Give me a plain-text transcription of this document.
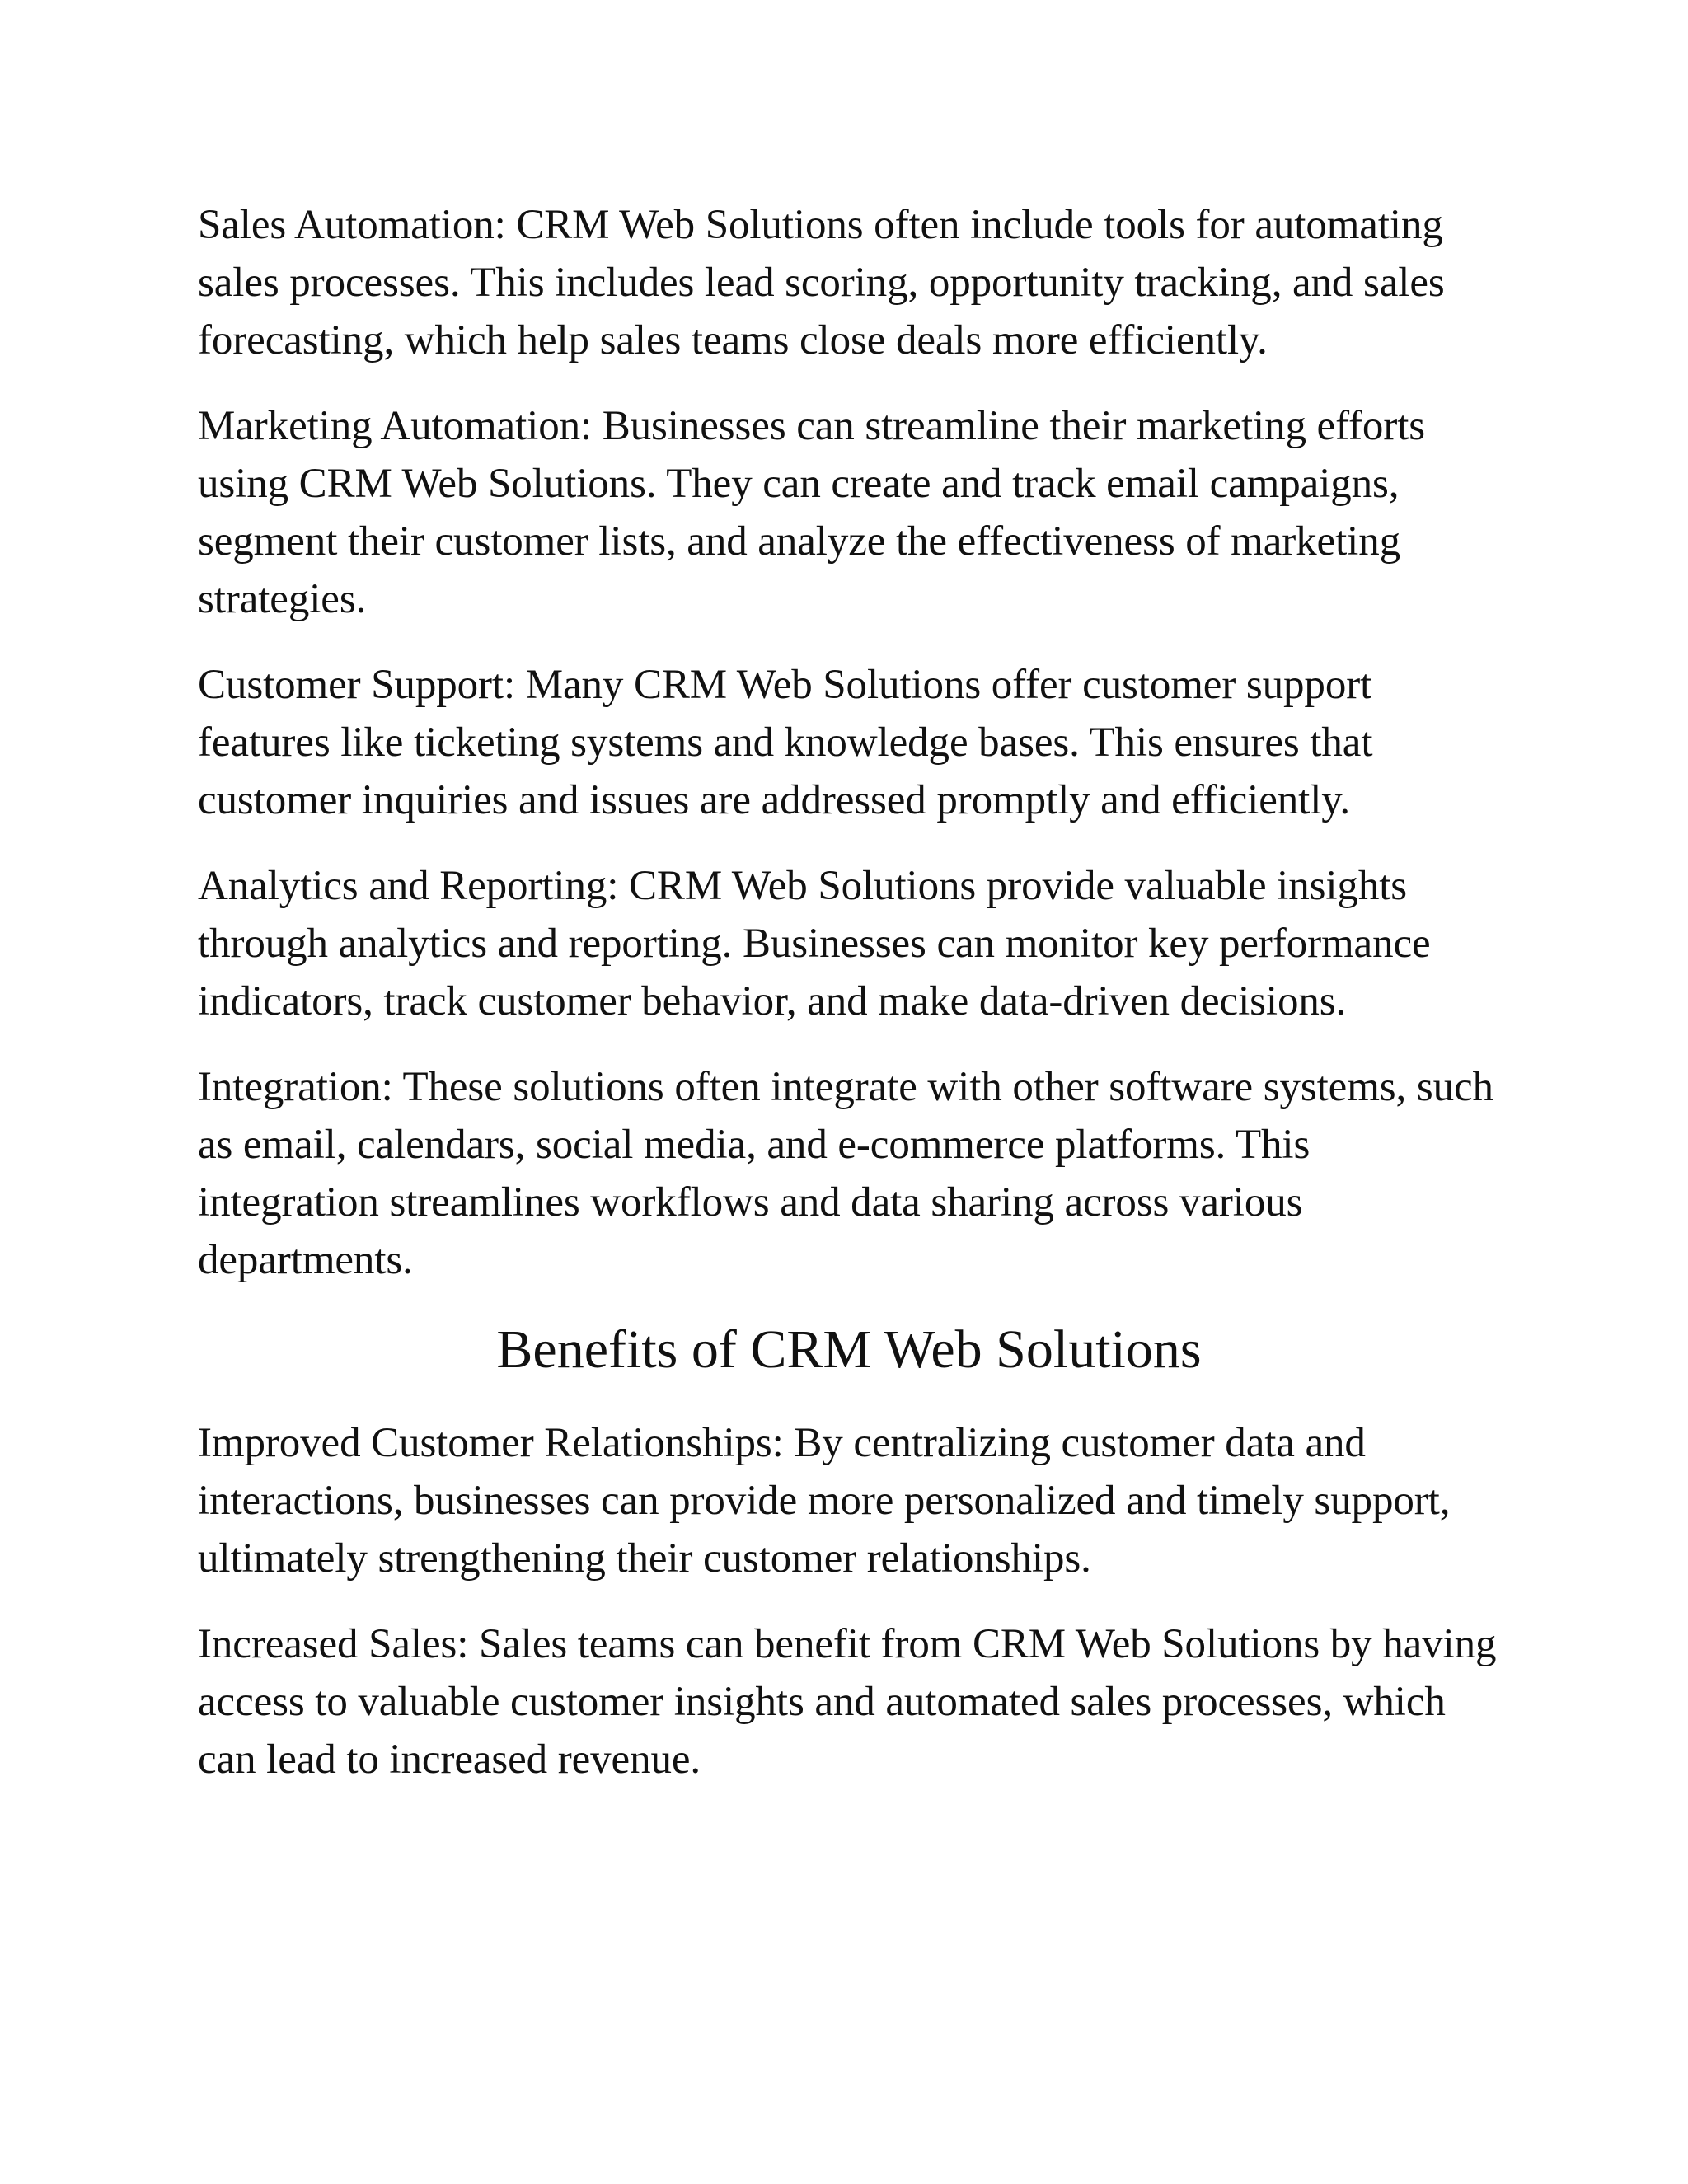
Sales Automation: CRM Web Solutions often include tools for automating sales processes. This includes lead scoring, opportunity tracking, and sales forecasting, which help sales teams close deals more efficiently.

Marketing Automation: Businesses can streamline their marketing efforts using CRM Web Solutions. They can create and track email campaigns, segment their customer lists, and analyze the effectiveness of marketing strategies.

Customer Support: Many CRM Web Solutions offer customer support features like ticketing systems and knowledge bases. This ensures that customer inquiries and issues are addressed promptly and efficiently.

Analytics and Reporting: CRM Web Solutions provide valuable insights through analytics and reporting. Businesses can monitor key performance indicators, track customer behavior, and make data-driven decisions.

Integration: These solutions often integrate with other software systems, such as email, calendars, social media, and e-commerce platforms. This integration streamlines workflows and data sharing across various departments.

Benefits of CRM Web Solutions

Improved Customer Relationships: By centralizing customer data and interactions, businesses can provide more personalized and timely support, ultimately strengthening their customer relationships.

Increased Sales: Sales teams can benefit from CRM Web Solutions by having access to valuable customer insights and automated sales processes, which can lead to increased revenue.
